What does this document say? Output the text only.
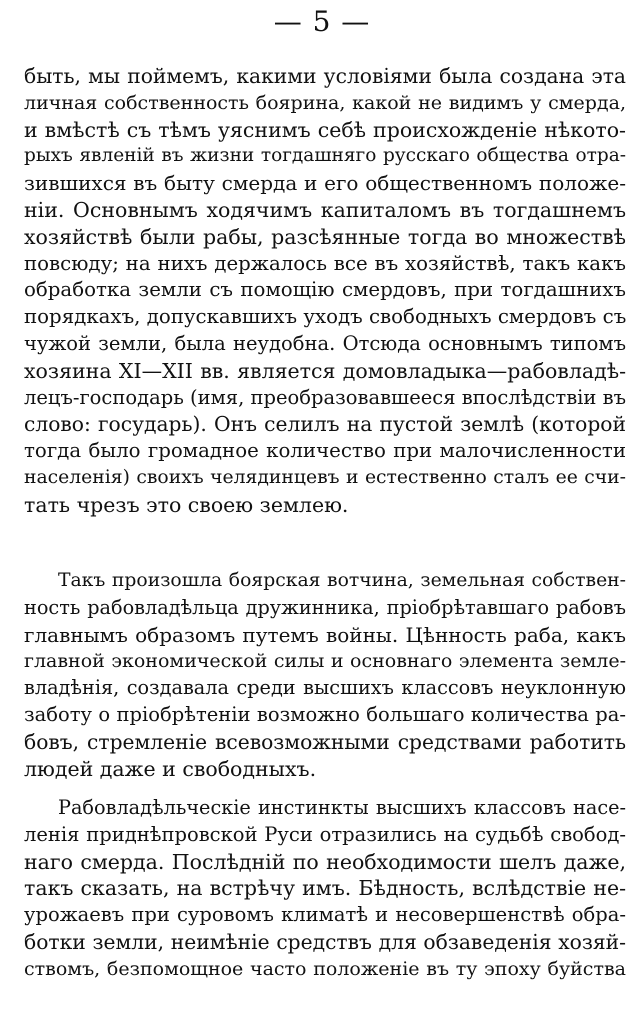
— 5 —
быть, мы поймемъ, какими условіями была создана эта
личная собственность боярина, какой не видимъ у смерда,
и вмѣстѣ съ тѣмъ уяснимъ себѣ происхожденіе нѣкото-
рыхъ явленій въ жизни тогдашняго русскаго общества отра-
зившихся въ быту смерда и его общественномъ положе-
ніи. Основнымъ ходячимъ капиталомъ въ тогдашнемъ
хозяйствѣ были рабы, разсѣянные тогда во множествѣ
повсюду; на нихъ держалось все въ хозяйствѣ, такъ какъ
обработка земли съ помощію смердовъ, при тогдашнихъ
порядкахъ, допускавшихъ уходъ свободныхъ смердовъ съ
чужой земли, была неудобна. Отсюда основнымъ типомъ
хозяина XI—XII вв. является домовладыка—рабовладѣ-
лецъ-господарь (имя, преобразовавшееся впослѣдствіи въ
слово: государь). Онъ селилъ на пустой землѣ (которой
тогда было громадное количество при малочисленности
населенія) своихъ челядинцевъ и естественно сталъ ее счи-
тать чрезъ это своею землею.
Такъ произошла боярская вотчина, земельная собствен-
ность рабовладѣльца дружинника, пріобрѣтавшаго рабовъ
главнымъ образомъ путемъ войны. Цѣнность раба, какъ
главной экономической силы и основнаго элемента земле-
владѣнія, создавала среди высшихъ классовъ неуклонную
заботу о пріобрѣтеніи возможно большаго количества ра-
бовъ, стремленіе всевозможными средствами работить
людей даже и свободныхъ.
Рабовладѣльческіе инстинкты высшихъ классовъ насе-
ленія приднѣпровской Руси отразились на судьбѣ свобод-
наго смерда. Послѣдній по необходимости шелъ даже,
такъ сказать, на встрѣчу имъ. Бѣдность, вслѣдствіе не-
урожаевъ при суровомъ климатѣ и несовершенствѣ обра-
ботки земли, неимѣніе средствъ для обзаведенія хозяй-
ствомъ, безпомощное часто положеніе въ ту эпоху буйства
